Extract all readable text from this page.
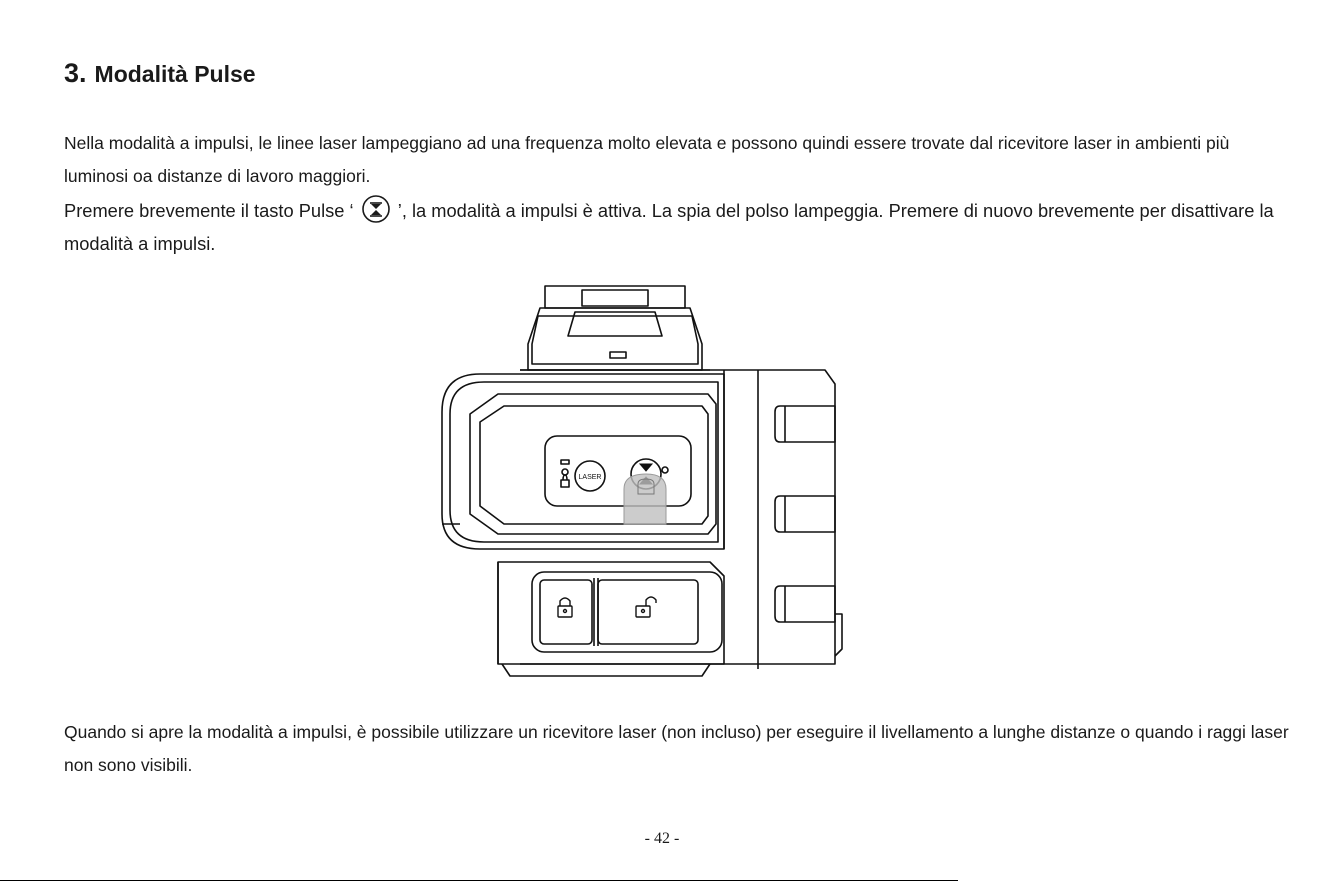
3. Modalità Pulse

Nella modalità a impulsi, le linee laser lampeggiano ad una frequenza molto elevata e possono quindi essere trovate dal ricevitore laser in ambienti più luminosi oa distanze di lavoro maggiori.

Premere brevemente il tasto Pulse ‘  ’, la modalità a impulsi è attiva. La spia del polso lampeggia. Premere di nuovo brevemente per disattivare la modalità a impulsi.

LASER

Quando si apre la modalità a impulsi, è possibile utilizzare un ricevitore laser (non incluso) per eseguire il livellamento a lunghe distanze o quando i raggi laser non sono visibili.

- 42 -
